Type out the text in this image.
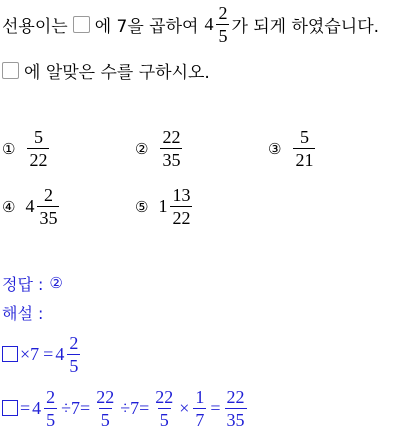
선용이는 에 7을 곱하여 $4 \frac{2}{5}$ 가 되게 하였습니다.
에 알맞은 수를 구하시오.
① $\frac{5}{22}$	② $\frac{22}{35}$	③ $\frac{5}{21}$
④ $4 \frac{2}{35}$	⑤ $1 \frac{13}{22}$
정답 : ②
해설 :
$\times 7 = 4 \frac{2}{5}$
= $4 \frac{2}{5} \div 7= \frac{22}{5} \div 7= \frac{22}{5} \times \frac{1}{7} = \frac{22}{35}$
